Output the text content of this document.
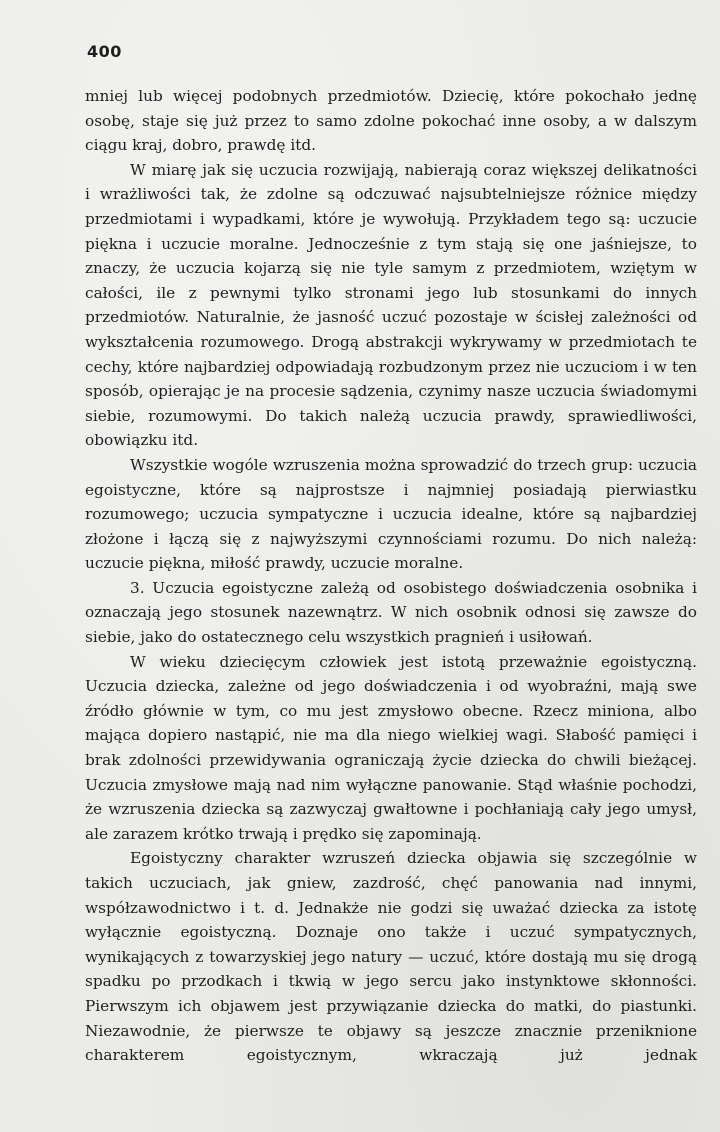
400

mniej lub więcej podobnych przedmiotów. Dziecię, które pokochało jednę osobę, staje się już przez to samo zdolne pokochać inne osoby, a w dalszym ciągu kraj, dobro, prawdę itd.

W miarę jak się uczucia rozwijają, nabierają coraz większej delikatności i wrażliwości tak, że zdolne są odczuwać najsubtelniejsze różnice między przedmiotami i wypadkami, które je wywołują. Przykładem tego są: uczucie piękna i uczucie moralne. Jednocześnie z tym stają się one jaśniejsze, to znaczy, że uczucia kojarzą się nie tyle samym z przedmiotem, wziętym w całości, ile z pewnymi tylko stronami jego lub stosunkami do innych przedmiotów. Naturalnie, że jasność uczuć pozostaje w ścisłej zależności od wykształcenia rozumowego. Drogą abstrakcji wykrywamy w przedmiotach te cechy, które najbardziej odpowiadają rozbudzonym przez nie uczuciom i w ten sposób, opierając je na procesie sądzenia, czynimy nasze uczucia świadomymi siebie, rozumowymi. Do takich należą uczucia prawdy, sprawiedliwości, obowiązku itd.

Wszystkie wogóle wzruszenia można sprowadzić do trzech grup: uczucia egoistyczne, które są najprostsze i najmniej posiadają pierwiastku rozumowego; uczucia sympatyczne i uczucia idealne, które są najbardziej złożone i łączą się z najwyższymi czynnościami rozumu. Do nich należą: uczucie piękna, miłość prawdy, uczucie moralne.

3. Uczucia egoistyczne zależą od osobistego doświadczenia osobnika i oznaczają jego stosunek nazewnątrz. W nich osobnik odnosi się zawsze do siebie, jako do ostatecznego celu wszystkich pragnień i usiłowań.

W wieku dziecięcym człowiek jest istotą przeważnie egoistyczną. Uczucia dziecka, zależne od jego doświadczenia i od wyobraźni, mają swe źródło głównie w tym, co mu jest zmysłowo obecne. Rzecz miniona, albo mająca dopiero nastąpić, nie ma dla niego wielkiej wagi. Słabość pamięci i brak zdolności przewidywania ograniczają życie dziecka do chwili bieżącej. Uczucia zmysłowe mają nad nim wyłączne panowanie. Stąd właśnie pochodzi, że wzruszenia dziecka są zazwyczaj gwałtowne i pochłaniają cały jego umysł, ale zarazem krótko trwają i prędko się zapominają.

Egoistyczny charakter wzruszeń dziecka objawia się szczególnie w takich uczuciach, jak gniew, zazdrość, chęć panowania nad innymi, współzawodnictwo i t. d. Jednakże nie godzi się uważać dziecka za istotę wyłącznie egoistyczną. Doznaje ono także i uczuć sympatycznych, wynikających z towarzyskiej jego natury — uczuć, które dostają mu się drogą spadku po przodkach i tkwią w jego sercu jako instynktowe skłonności. Pierwszym ich objawem jest przywiązanie dziecka do matki, do piastunki. Niezawodnie, że pierwsze te objawy są jeszcze znacznie przeniknione charakterem egoistycznym, wkraczają już jednak
